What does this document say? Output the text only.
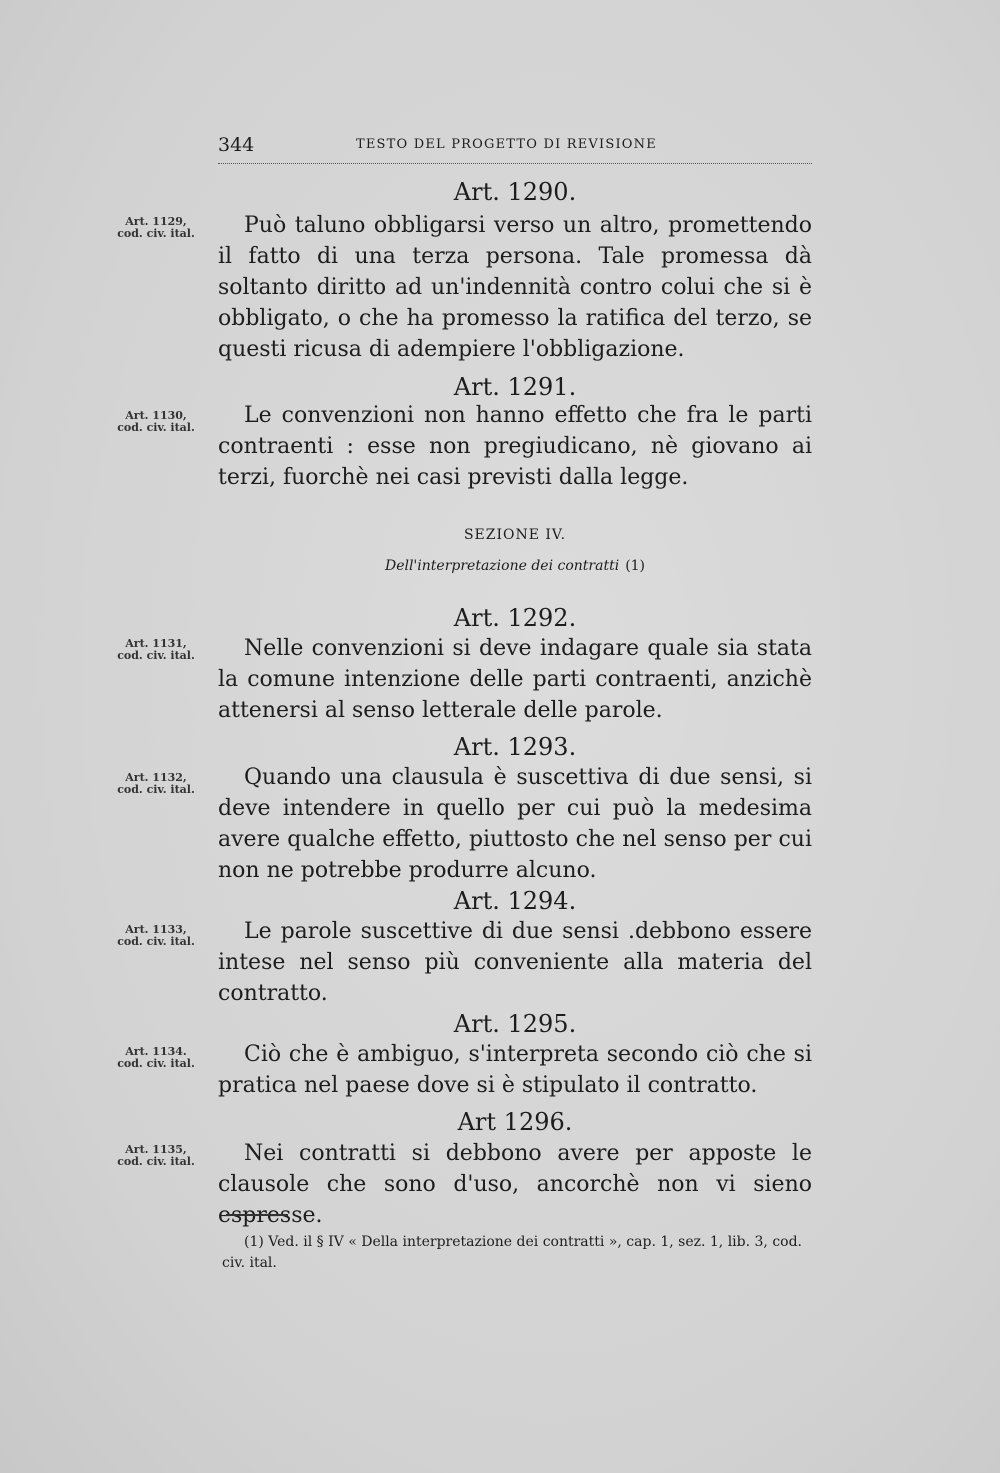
344	TESTO DEL PROGETTO DI REVISIONE
Art. 1290.
Art. 1129,
cod. civ. ital.	Può taluno obbligarsi verso un altro, promettendo il fatto di una terza persona. Tale promessa dà soltanto diritto ad un'indennità contro colui che si è obbligato, o che ha promesso la ratifica del terzo, se questi ricusa di adempiere l'obbligazione.

Art. 1291.
Art. 1130,
cod. civ. ital.	Le convenzioni non hanno effetto che fra le parti contraenti : esse non pregiudicano, nè giovano ai terzi, fuorchè nei casi previsti dalla legge.

SEZIONE IV.
Dell'interpretazione dei contratti (1)
Art. 1292.
Art. 1131,
cod. civ. ital.	Nelle convenzioni si deve indagare quale sia stata la comune intenzione delle parti contraenti, anzichè attenersi al senso letterale delle parole.

Art. 1293.
Art. 1132,
cod. civ. ital.	Quando una clausula è suscettiva di due sensi, si deve intendere in quello per cui può la medesima avere qualche effetto, piuttosto che nel senso per cui non ne potrebbe produrre alcuno.

Art. 1294.
Art. 1133,
cod. civ. ital.	Le parole suscettive di due sensi .debbono essere intese nel senso più conveniente alla materia del contratto.

Art. 1295.
Art. 1134.
cod. civ. ital.	Ciò che è ambiguo, s'interpreta secondo ciò che si pratica nel paese dove si è stipulato il contratto.

Art 1296.
Art. 1135,
cod. civ. ital.	Nei contratti si debbono avere per apposte le clausole che sono d'uso, ancorchè non vi sieno espresse.

(1) Ved. il § IV « Della interpretazione dei contratti », cap. 1, sez. 1, lib. 3, cod. civ. ital.
